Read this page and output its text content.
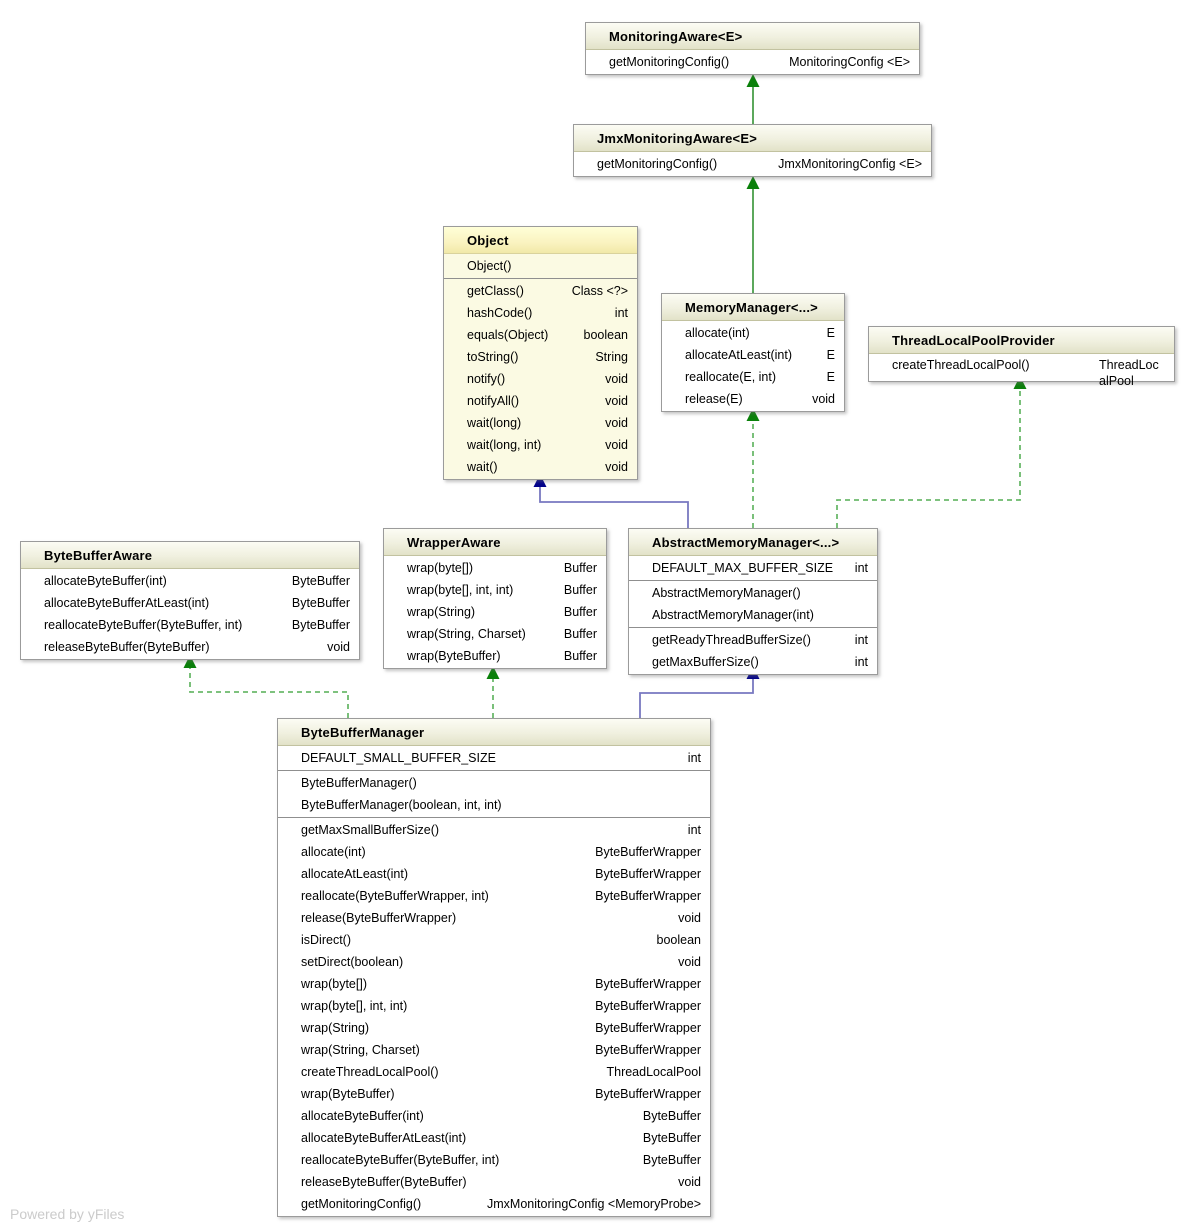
MonitoringAware<E>
getMonitoringConfig()	MonitoringConfig <E>
JmxMonitoringAware<E>
getMonitoringConfig()	JmxMonitoringConfig <E>
Object
Object()
getClass()	Class <?>
hashCode()	int
equals(Object)	boolean
toString()	String
notify()	void
notifyAll()	void
wait(long)	void
wait(long, int)	void
wait()	void
MemoryManager<...>
allocate(int)	E
allocateAtLeast(int)	E
reallocate(E, int)	E
release(E)	void
ThreadLocalPoolProvider
createThreadLocalPool()	ThreadLocalPool
ByteBufferAware
allocateByteBuffer(int)	ByteBuffer
allocateByteBufferAtLeast(int)	ByteBuffer
reallocateByteBuffer(ByteBuffer, int)	ByteBuffer
releaseByteBuffer(ByteBuffer)	void
WrapperAware
wrap(byte[])	Buffer
wrap(byte[], int, int)	Buffer
wrap(String)	Buffer
wrap(String, Charset)	Buffer
wrap(ByteBuffer)	Buffer
AbstractMemoryManager<...>
DEFAULT_MAX_BUFFER_SIZE	int
AbstractMemoryManager()
AbstractMemoryManager(int)
getReadyThreadBufferSize()	int
getMaxBufferSize()	int
ByteBufferManager
DEFAULT_SMALL_BUFFER_SIZE	int
ByteBufferManager()
ByteBufferManager(boolean, int, int)
getMaxSmallBufferSize()	int
allocate(int)	ByteBufferWrapper
allocateAtLeast(int)	ByteBufferWrapper
reallocate(ByteBufferWrapper, int)	ByteBufferWrapper
release(ByteBufferWrapper)	void
isDirect()	boolean
setDirect(boolean)	void
wrap(byte[])	ByteBufferWrapper
wrap(byte[], int, int)	ByteBufferWrapper
wrap(String)	ByteBufferWrapper
wrap(String, Charset)	ByteBufferWrapper
createThreadLocalPool()	ThreadLocalPool
wrap(ByteBuffer)	ByteBufferWrapper
allocateByteBuffer(int)	ByteBuffer
allocateByteBufferAtLeast(int)	ByteBuffer
reallocateByteBuffer(ByteBuffer, int)	ByteBuffer
releaseByteBuffer(ByteBuffer)	void
getMonitoringConfig()	JmxMonitoringConfig <MemoryProbe>
Powered by yFiles
